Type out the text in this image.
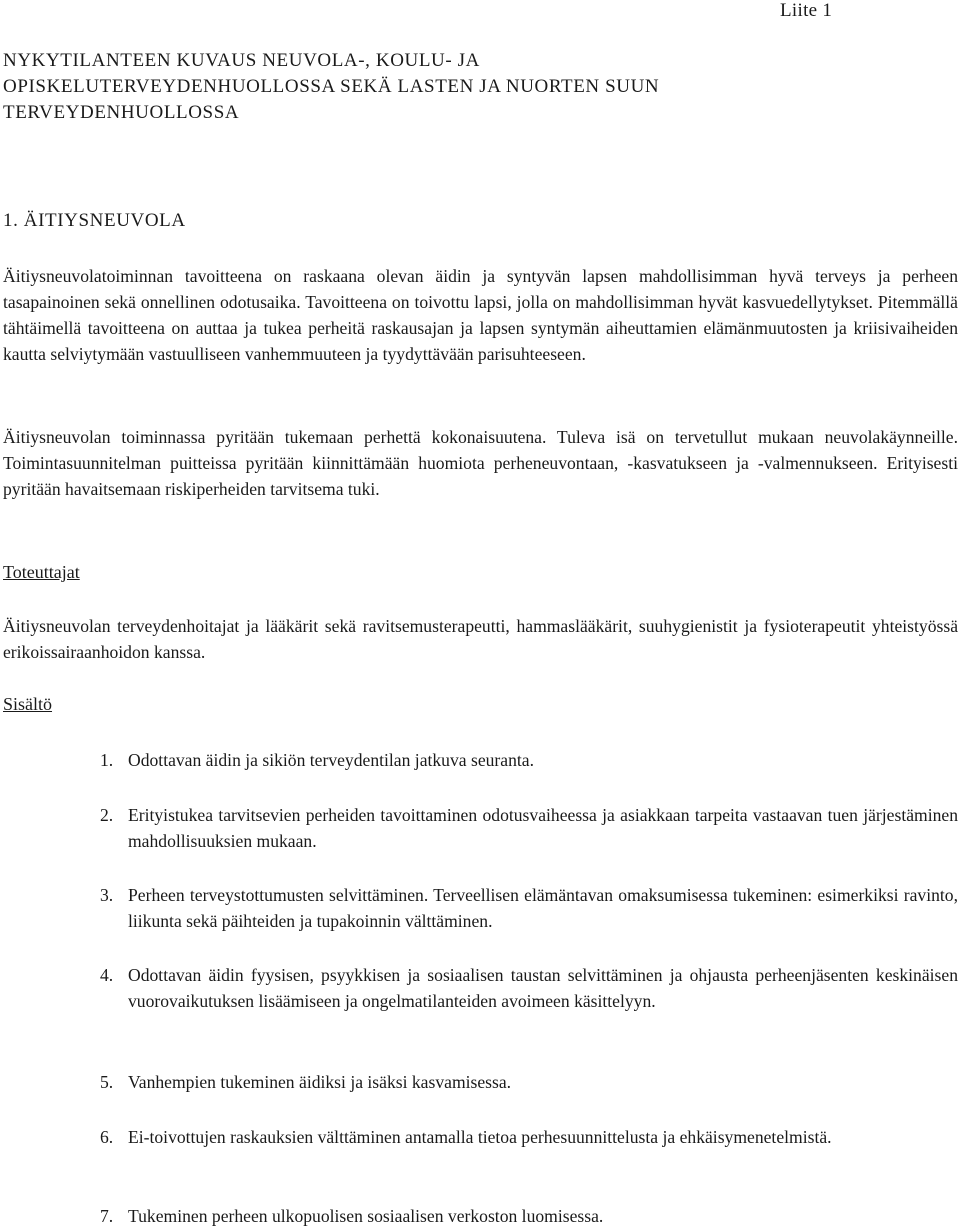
Liite 1
NYKYTILANTEEN KUVAUS NEUVOLA-, KOULU- JA
OPISKELUTERVEYDENHUOLLOSSA SEKÄ LASTEN JA NUORTEN SUUN
TERVEYDENHUOLLOSSA
1. ÄITIYSNEUVOLA

Äitiysneuvolatoiminnan tavoitteena on raskaana olevan äidin ja syntyvän lapsen mahdollisimman hyvä terveys ja perheen tasapainoinen sekä onnellinen odotusaika. Tavoitteena on toivottu lapsi, jolla on mahdollisimman hyvät kasvuedellytykset. Pitemmällä tähtäimellä tavoitteena on auttaa ja tukea perheitä raskausajan ja lapsen syntymän aiheuttamien elämänmuutosten ja kriisivaiheiden kautta selviytymään vastuulliseen vanhemmuuteen ja tyydyttävään parisuhteeseen.

Äitiysneuvolan toiminnassa pyritään tukemaan perhettä kokonaisuutena. Tuleva isä on tervetullut mukaan neuvolakäynneille. Toimintasuunnitelman puitteissa pyritään kiinnittämään huomiota perheneuvontaan, -kasvatukseen ja -valmennukseen. Erityisesti pyritään havaitsemaan riskiperheiden tarvitsema tuki.

Toteuttajat

Äitiysneuvolan terveydenhoitajat ja lääkärit sekä ravitsemusterapeutti, hammaslääkärit, suuhygienistit ja fysioterapeutit yhteistyössä erikoissairaanhoidon kanssa.

Sisältö
1. Odottavan äidin ja sikiön terveydentilan jatkuva seuranta.
2. Erityistukea tarvitsevien perheiden tavoittaminen odotusvaiheessa ja asiakkaan tarpeita vastaavan tuen järjestäminen mahdollisuuksien mukaan.
3. Perheen terveystottumusten selvittäminen. Terveellisen elämäntavan omaksumisessa tukeminen: esimerkiksi ravinto, liikunta sekä päihteiden ja tupakoinnin välttäminen.
4. Odottavan äidin fyysisen, psyykkisen ja sosiaalisen taustan selvittäminen ja ohjausta perheenjäsenten keskinäisen vuorovaikutuksen lisäämiseen ja ongelmatilanteiden avoimeen käsittelyyn.
5. Vanhempien tukeminen äidiksi ja isäksi kasvamisessa.
6. Ei-toivottujen raskauksien välttäminen antamalla tietoa perhesuunnittelusta ja ehkäisymenetelmistä.
7. Tukeminen perheen ulkopuolisen sosiaalisen verkoston luomisessa.
